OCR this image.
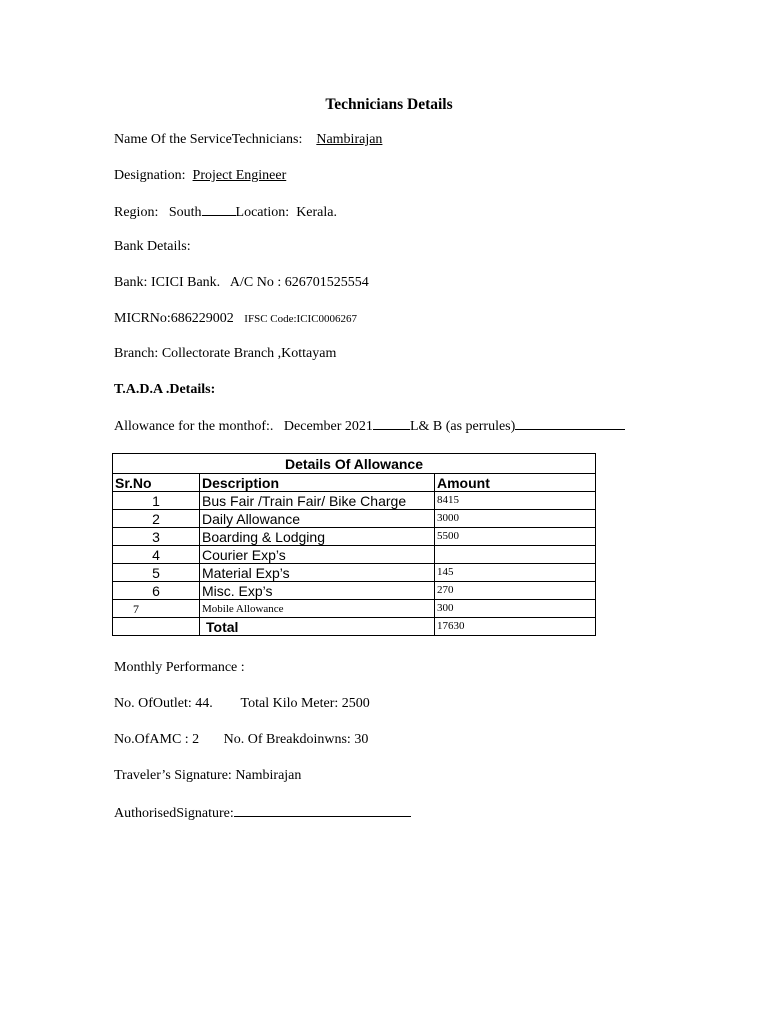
Technicians Details
Name Of the ServiceTechnicians: Nambirajan
Designation: Project Engineer
Region: South Location: Kerala.
Bank Details:
Bank: ICICI Bank. A/C No : 626701525554
MICRNo:686229002 IFSC Code:ICIC0006267
Branch: Collectorate Branch ,Kottayam
T.A.D.A .Details:
Allowance for the monthof:. December 2021	L& B (as perrules)
Details Of Allowance		
Sr.No	Description	Amount
1	Bus Fair /Train Fair/ Bike Charge	8415
2	Daily Allowance	3000
3	Boarding & Lodging	5500
4	Courier Exp’s	
5	Material Exp’s	145
6	Misc. Exp’s	270
7	Mobile Allowance	300
	Total	17630
Monthly Performance :
No. OfOutlet: 44. Total Kilo Meter: 2500
No.OfAMC : 2 No. Of Breakdoinwns: 30
Traveler’s Signature: Nambirajan
AuthorisedSignature:
